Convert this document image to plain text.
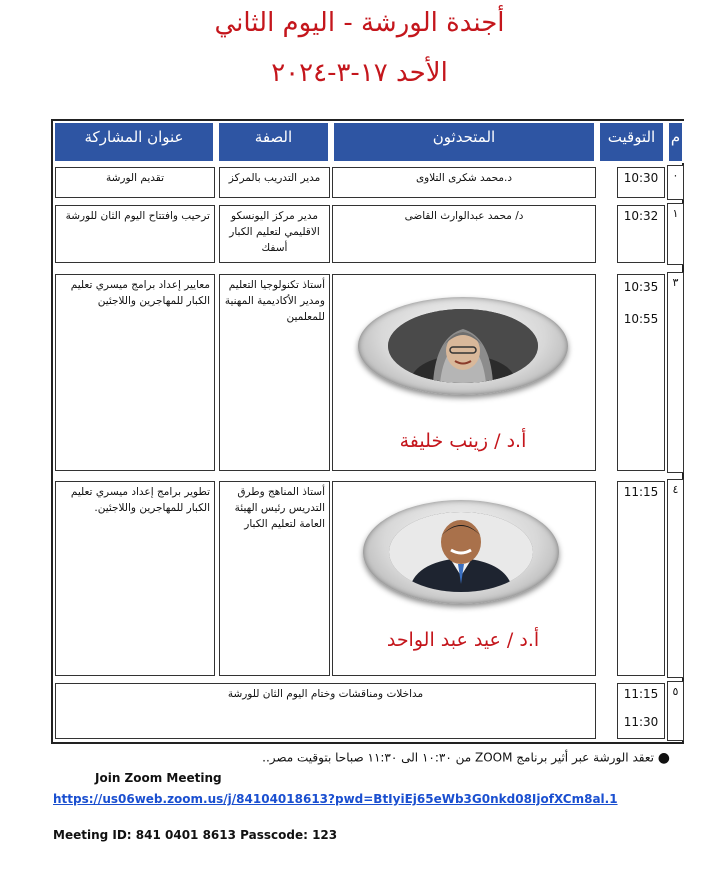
أجندة الورشة - اليوم الثاني
الأحد ١٧-٣-٢٠٢٤
م
التوقيت
المتحدثون
الصفة
عنوان المشاركة
٠
10:30
د.محمد شكرى التلاوى
مدير التدريب بالمركز
تقديم الورشة
١
10:32
د/ محمد عبدالوارث القاضى
مدير مركز اليونسكو الاقليمي لتعليم الكبار أسفك
ترحيب وافتتاح اليوم الثان للورشة
٣
10:35
10:55
أ.د / زينب خليفة
أستاذ تكنولوجيا التعليم ومدير الأكاديمية المهنية للمعلمين
معايير إعداد برامج ميسري تعليم الكبار للمهاجرين واللاجئين
٤
11:15
أ.د / عيد عبد الواحد
أستاذ المناهج وطرق التدريس رئيس الهيئة العامة لتعليم الكبار
تطوير برامج إعداد ميسري تعليم الكبار للمهاجرين واللاجئين.
٥
11:15
11:30
مداخلات ومناقشات وختام اليوم الثان للورشة
● تعقد الورشة عبر أثير برنامج ZOOM من ١٠:٣٠ الى ١١:٣٠ صباحا بتوقيت مصر..
Join Zoom Meeting
https://us06web.zoom.us/j/84104018613?pwd=BtIyiEj65eWb3G0nkd08IjofXCm8al.1
Meeting ID: 841 0401 8613 Passcode: 123
